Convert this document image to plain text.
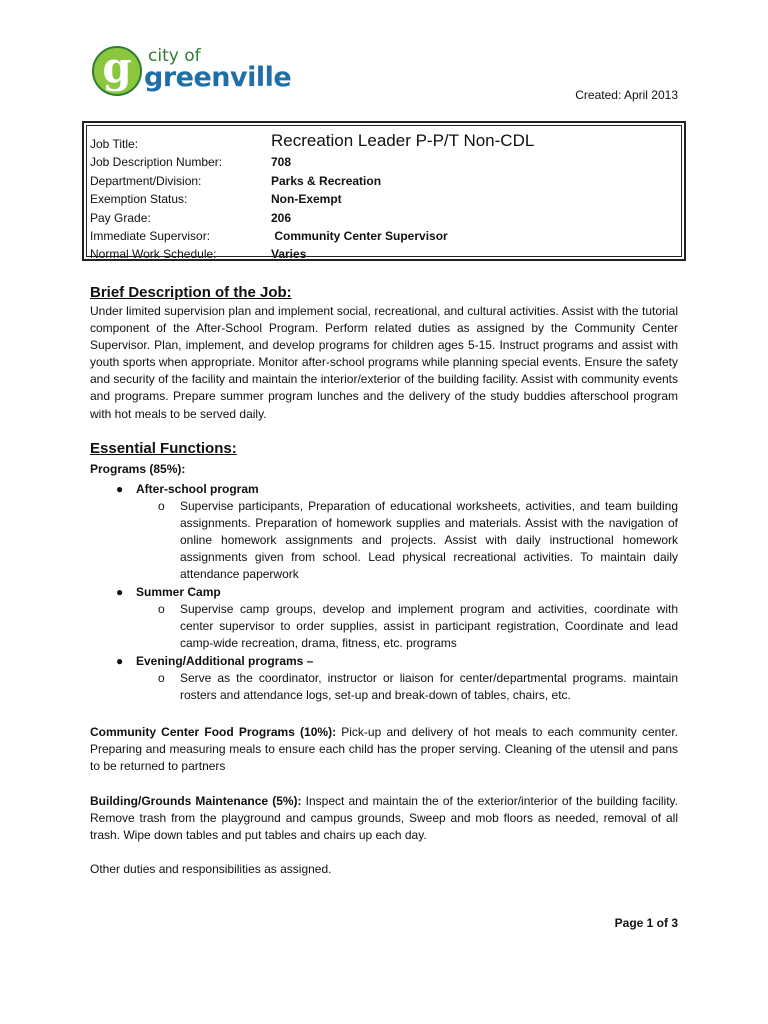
g city of
greenville
Created: April 2013
Job Title:	Recreation Leader P-P/T Non-CDL
Job Description Number:	708
Department/Division:	Parks & Recreation
Exemption Status:	Non-Exempt
Pay Grade:	206
Immediate Supervisor:	Community Center Supervisor
Normal Work Schedule:	Varies
Brief Description of the Job:

Under limited supervision plan and implement social, recreational, and cultural activities. Assist with the tutorial component of the After-School Program. Perform related duties as assigned by the Community Center Supervisor. Plan, implement, and develop programs for children ages 5-15. Instruct programs and assist with youth sports when appropriate. Monitor after-school programs while planning special events. Ensure the safety and security of the facility and maintain the interior/exterior of the building facility. Assist with community events and programs. Prepare summer program lunches and the delivery of the study buddies afterschool program with hot meals to be served daily.

Essential Functions:
Programs (85%):
●	After-school program
o	Supervise participants, Preparation of educational worksheets, activities, and team building assignments. Preparation of homework supplies and materials. Assist with the navigation of online homework assignments and projects. Assist with daily instructional homework assignments given from school. Lead physical recreational activities. To maintain daily attendance paperwork

●	Summer Camp
o	Supervise camp groups, develop and implement program and activities, coordinate with center supervisor to order supplies, assist in participant registration, Coordinate and lead camp-wide recreation, drama, fitness, etc. programs

●	Evening/Additional programs –
o	Serve as the coordinator, instructor or liaison for center/departmental programs. maintain rosters and attendance logs, set-up and break-down of tables, chairs, etc.

Community Center Food Programs (10%): Pick-up and delivery of hot meals to each community center. Preparing and measuring meals to ensure each child has the proper serving. Cleaning of the utensil and pans to be returned to partners

Building/Grounds Maintenance (5%): Inspect and maintain the of the exterior/interior of the building facility. Remove trash from the playground and campus grounds, Sweep and mob floors as needed, removal of all trash. Wipe down tables and put tables and chairs up each day.

Other duties and responsibilities as assigned.
Page 1 of 3
